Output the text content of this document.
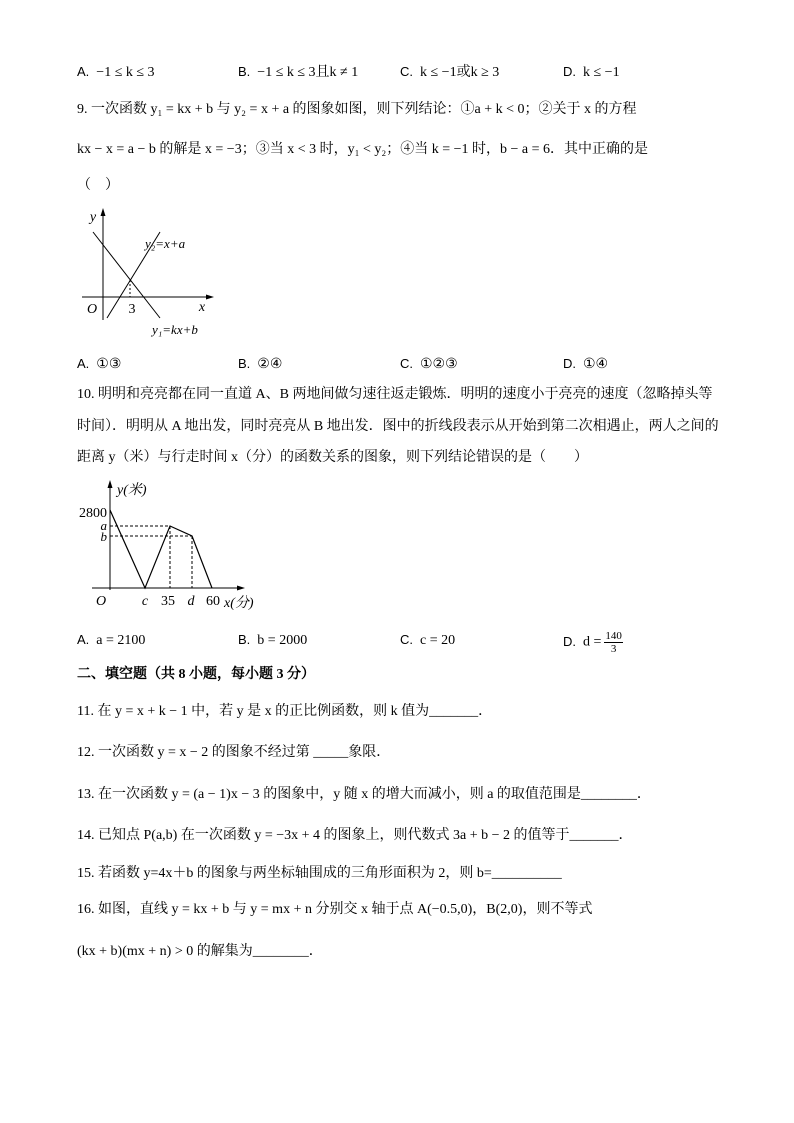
A. −1 ≤ k ≤ 3	B. −1 ≤ k ≤ 3且k ≠ 1	C. k ≤ −1或k ≥ 3	D. k ≤ −1
9. 一次函数 y₁ = kx + b 与 y₂ = x + a 的图象如图，则下列结论：①a + k < 0；②关于 x 的方程
kx − x = a − b 的解是 x = −3；③当 x < 3 时，y₁ < y₂；④当 k = −1 时，b − a = 6．其中正确的是
（　）
y
x
O 3
y₂=x+a
y₁=kx+b
A. ①③	B. ②④	C. ①②③	D. ①④
10. 明明和亮亮都在同一直道 A、B 两地间做匀速往返走锻炼．明明的速度小于亮亮的速度（忽略掉头等
时间）．明明从 A 地出发，同时亮亮从 B 地出发．图中的折线段表示从开始到第二次相遇止，两人之间的
距离 y（米）与行走时间 x（分）的函数关系的图象，则下列结论错误的是（　　）
y(米)
2800
a
b
O	c 35 d 60 x(分)
A. a = 2100	B. b = 2000	C. c = 20	D. $d = \frac{140}{3}$
二、填空题（共 8 小题，每小题 3 分）
11. 在 y = x + k − 1 中，若 y 是 x 的正比例函数，则 k 值为_______．
12. 一次函数 y = x − 2 的图象不经过第 _____象限．
13. 在一次函数 y = (a − 1)x − 3 的图象中，y 随 x 的增大而减小，则 a 的取值范围是________．
14. 已知点 P(a,b) 在一次函数 y = −3x + 4 的图象上，则代数式 3a + b − 2 的值等于_______．
15. 若函数 y=4x＋b 的图象与两坐标轴围成的三角形面积为 2，则 b=__________
16. 如图，直线 y = kx + b 与 y = mx + n 分别交 x 轴于点 A(−0.5,0)，B(2,0)，则不等式
(kx + b)(mx + n) > 0 的解集为________．
